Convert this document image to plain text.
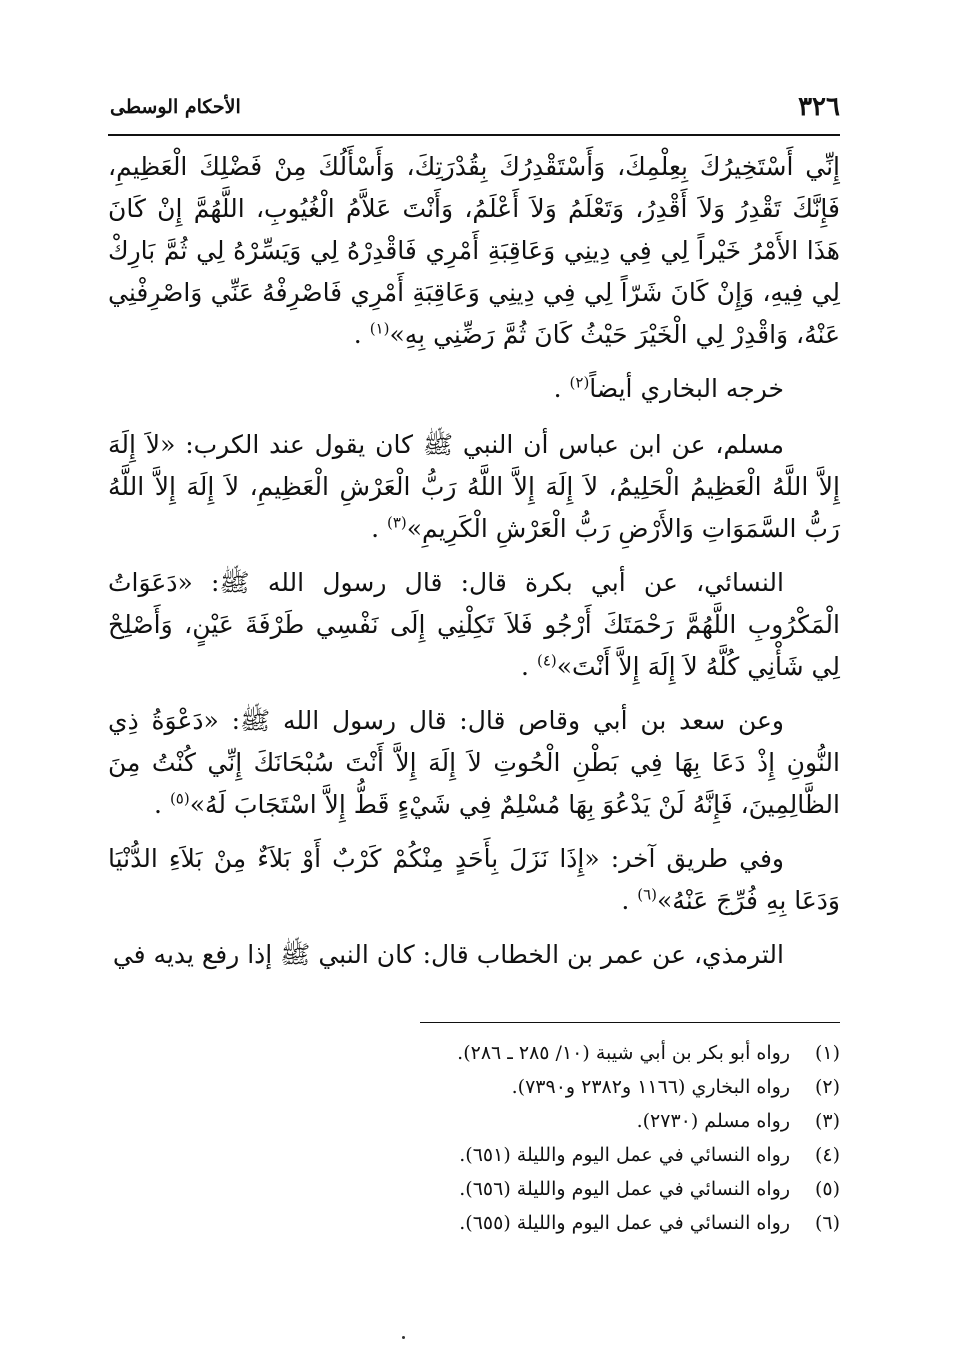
٣٢٦
الأحكام الوسطى

إِنِّي أَسْتَخِيرُكَ بِعِلْمِكَ، وَأَسْتَقْدِرُكَ بِقُدْرَتِكَ، وَأَسْأَلُكَ مِنْ فَضْلِكَ الْعَظِيمِ، فَإِنَّكَ تَقْدِرُ وَلاَ أَقْدِرُ، وَتَعْلَمُ وَلاَ أَعْلَمُ، وَأَنْتَ عَلاَّمُ الْغُيُوبِ، اللَّهُمَّ إِنْ كَانَ هَذَا الأَمْرُ خَيْراً لِي فِي دِينِي وَعَاقِبَةِ أَمْرِي فَاقْدِرْهُ لِي وَيَسِّرْهُ لِي ثُمَّ بَارِكْ لِي فِيهِ، وَإِنْ كَانَ شَرّاً لِي فِي دِينِي وَعَاقِبَةِ أَمْرِي فَاصْرِفْهُ عَنِّي وَاصْرِفْنِي عَنْهُ، وَاقْدِرْ لِي الْخَيْرَ حَيْثُ كَانَ ثُمَّ رَضِّنِي بِهِ»$^{(١)}$ .

خرجه البخاري أيضاً$^{(٢)}$ .

مسلم، عن ابن عباس أن النبي ﷺ كان يقول عند الكرب: «لاَ إِلَهَ إِلاَّ اللَّهُ الْعَظِيمُ الْحَلِيمُ، لاَ إِلَهَ إِلاَّ اللَّهُ رَبُّ الْعَرْشِ الْعَظِيمِ، لاَ إِلَهَ إِلاَّ اللَّهُ رَبُّ السَّمَوَاتِ وَالأَرْضِ رَبُّ الْعَرْشِ الْكَرِيمِ»$^{(٣)}$ .

النسائي، عن أبي بكرة قال: قال رسول الله ﷺ: «دَعَوَاتُ الْمَكْرُوبِ اللَّهُمَّ رَحْمَتَكَ أَرْجُو فَلاَ تَكِلْنِي إِلَى نَفْسِي طَرْفَةَ عَيْنٍ، وَأَصْلِحْ لِي شَأْنِي كُلَّهُ لاَ إِلَهَ إِلاَّ أَنْتَ»$^{(٤)}$ .

وعن سعد بن أبي وقاص قال: قال رسول الله ﷺ: «دَعْوَةُ ذِي النُّونِ إِذْ دَعَا بِهَا فِي بَطْنِ الْحُوتِ لاَ إِلَهَ إِلاَّ أَنْتَ سُبْحَانَكَ إِنِّي كُنْتُ مِنَ الظَّالِمِينَ، فَإِنَّهُ لَنْ يَدْعُوَ بِهَا مُسْلِمٌ فِي شَيْءٍ قَطُّ إِلاَّ اسْتَجَابَ لَهُ»$^{(٥)}$ .

وفي طريق آخر: «إِذَا نَزَلَ بِأَحَدٍ مِنْكُمْ كَرْبٌ أَوْ بَلاَءٌ مِنْ بَلاَءِ الدُّنْيَا وَدَعَا بِهِ فُرِّجَ عَنْهُ»$^{(٦)}$ .

الترمذي، عن عمر بن الخطاب قال: كان النبي ﷺ إذا رفع يديه في

(١)
رواه أبو بكر بن أبي شيبة (١٠/ ٢٨٥ ـ ٢٨٦).
(٢)
رواه البخاري (١١٦٦ و٢٣٨٢ و٧٣٩٠).
(٣)
رواه مسلم (٢٧٣٠).
(٤)
رواه النسائي في عمل اليوم والليلة (٦٥١).
(٥)
رواه النسائي في عمل اليوم والليلة (٦٥٦).
(٦)
رواه النسائي في عمل اليوم والليلة (٦٥٥).
